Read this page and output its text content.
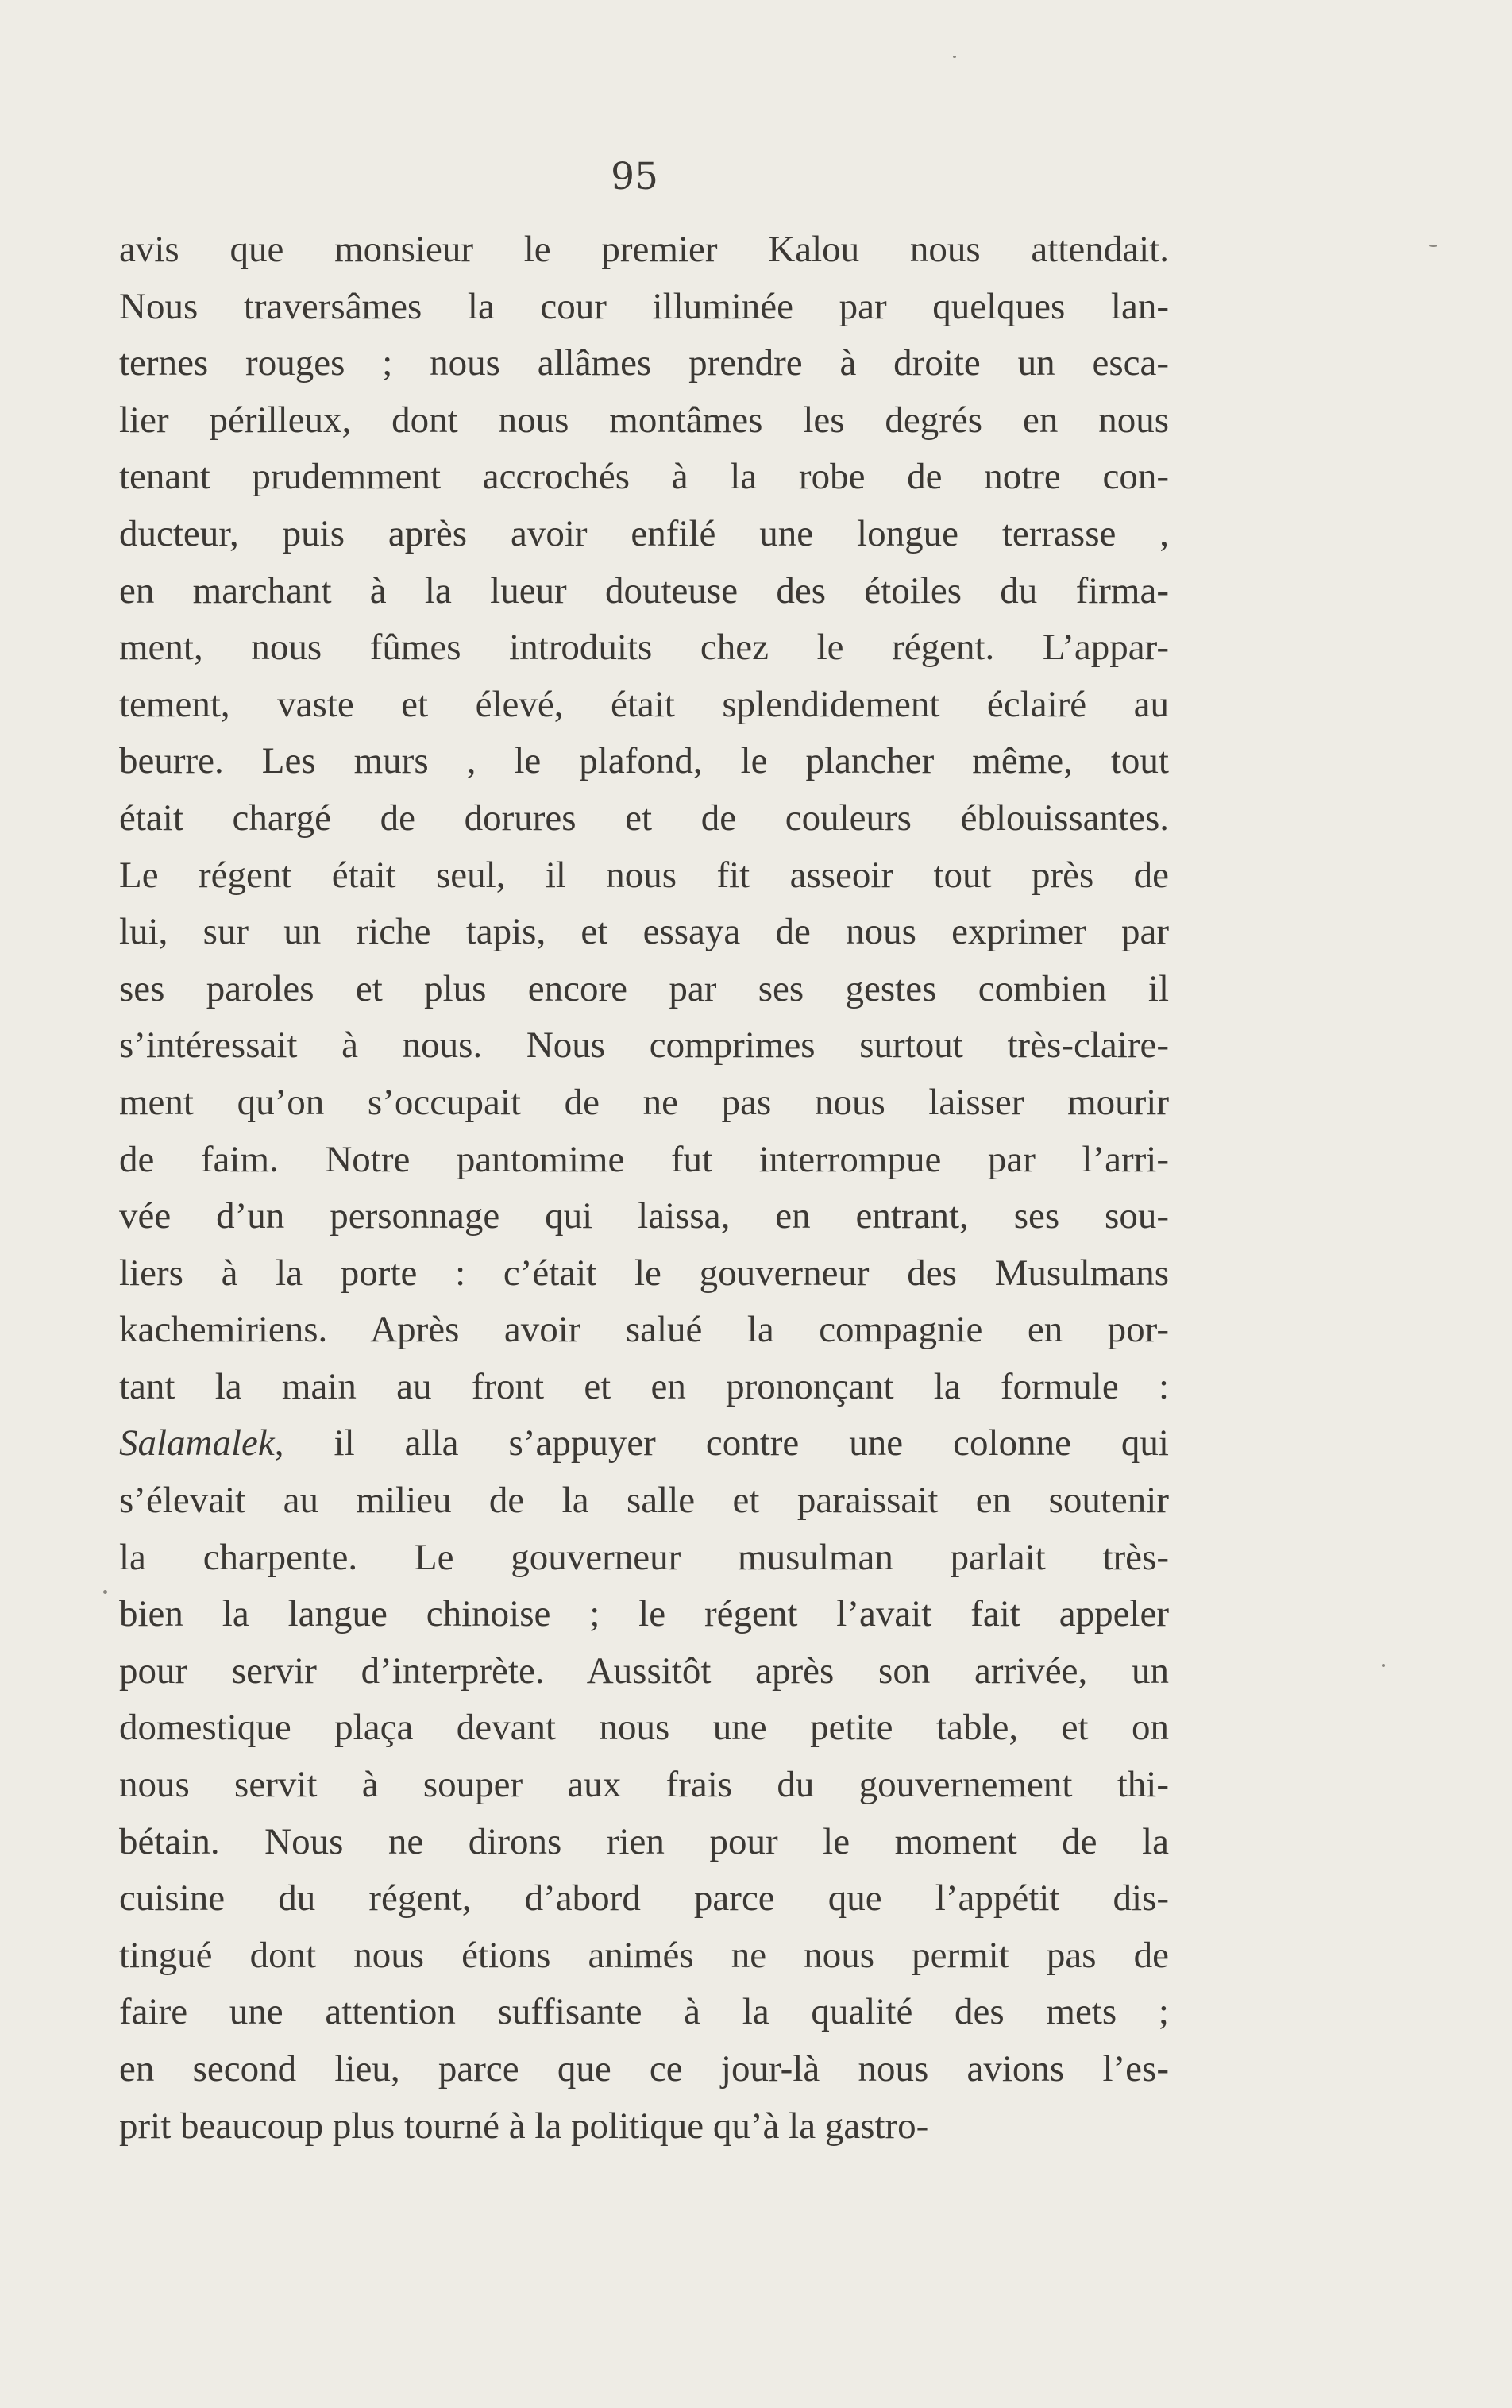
95
avis que monsieur le premier Kalou nous attendait.
Nous traversâmes la cour illuminée par quelques lan-
ternes rouges ; nous allâmes prendre à droite un esca-
lier périlleux, dont nous montâmes les degrés en nous
tenant prudemment accrochés à la robe de notre con-
ducteur, puis après avoir enfilé une longue terrasse ,
en marchant à la lueur douteuse des étoiles du firma-
ment, nous fûmes introduits chez le régent. L’appar-
tement, vaste et élevé, était splendidement éclairé au
beurre. Les murs , le plafond, le plancher même, tout
était chargé de dorures et de couleurs éblouissantes.
Le régent était seul, il nous fit asseoir tout près de
lui, sur un riche tapis, et essaya de nous exprimer par
ses paroles et plus encore par ses gestes combien il
s’intéressait à nous. Nous comprimes surtout très-claire-
ment qu’on s’occupait de ne pas nous laisser mourir
de faim. Notre pantomime fut interrompue par l’arri-
vée d’un personnage qui laissa, en entrant, ses sou-
liers à la porte : c’était le gouverneur des Musulmans
kachemiriens. Après avoir salué la compagnie en por-
tant la main au front et en prononçant la formule :
Salamalek, il alla s’appuyer contre une colonne qui
s’élevait au milieu de la salle et paraissait en soutenir
la charpente. Le gouverneur musulman parlait très-
bien la langue chinoise ; le régent l’avait fait appeler
pour servir d’interprète. Aussitôt après son arrivée, un
domestique plaça devant nous une petite table, et on
nous servit à souper aux frais du gouvernement thi-
bétain. Nous ne dirons rien pour le moment de la
cuisine du régent, d’abord parce que l’appétit dis-
tingué dont nous étions animés ne nous permit pas de
faire une attention suffisante à la qualité des mets ;
en second lieu, parce que ce jour-là nous avions l’es-
prit beaucoup plus tourné à la politique qu’à la gastro-
